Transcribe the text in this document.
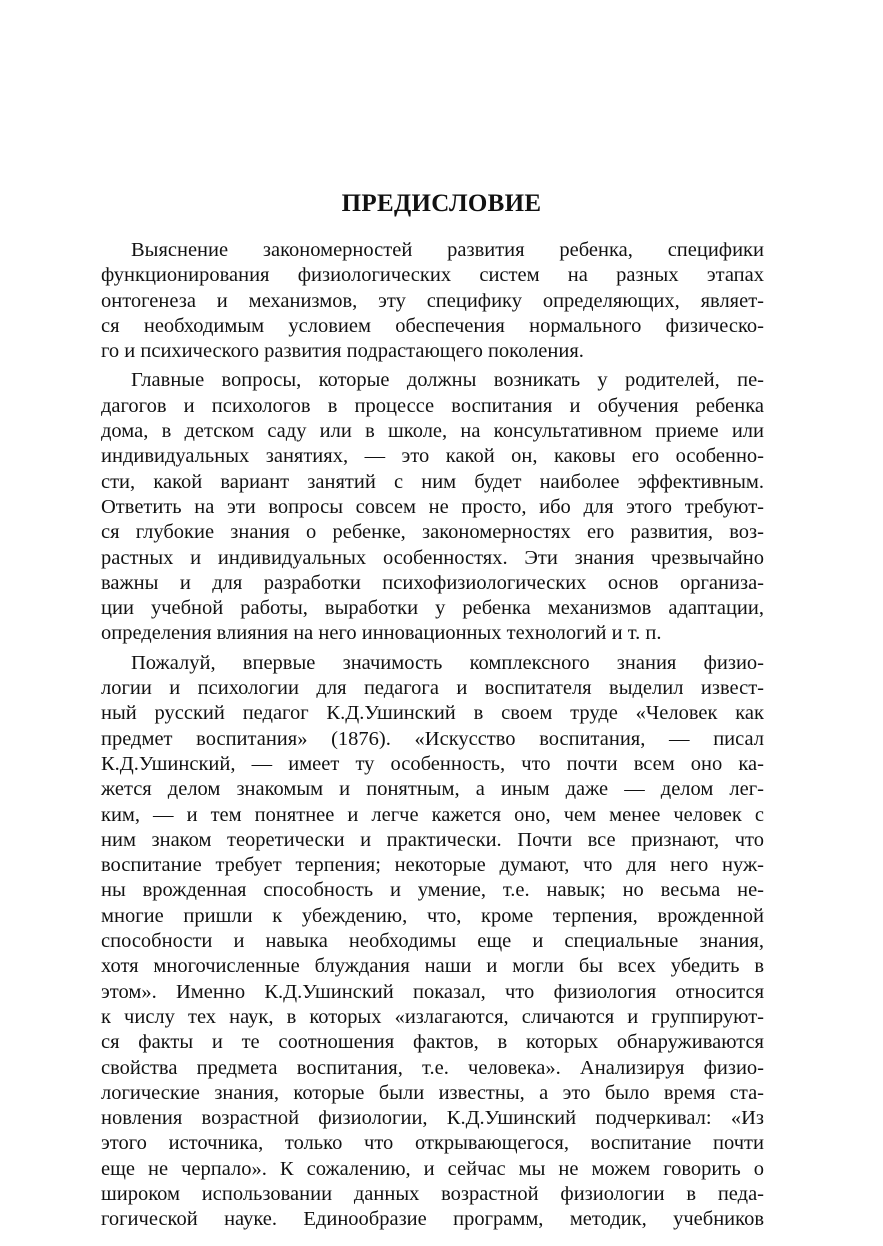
ПРЕДИСЛОВИЕ
Выяснение закономерностей развития ребенка, специфики
функционирования физиологических систем на разных этапах
онтогенеза и механизмов, эту специфику определяющих, являет-
ся необходимым условием обеспечения нормального физическо-
го и психического развития подрастающего поколения.
Главные вопросы, которые должны возникать у родителей, пе-
дагогов и психологов в процессе воспитания и обучения ребенка
дома, в детском саду или в школе, на консультативном приеме или
индивидуальных занятиях, — это какой он, каковы его особенно-
сти, какой вариант занятий с ним будет наиболее эффективным.
Ответить на эти вопросы совсем не просто, ибо для этого требуют-
ся глубокие знания о ребенке, закономерностях его развития, воз-
растных и индивидуальных особенностях. Эти знания чрезвычайно
важны и для разработки психофизиологических основ организа-
ции учебной работы, выработки у ребенка механизмов адаптации,
определения влияния на него инновационных технологий и т. п.
Пожалуй, впервые значимость комплексного знания физио-
логии и психологии для педагога и воспитателя выделил извест-
ный русский педагог К.Д.Ушинский в своем труде «Человек как
предмет воспитания» (1876). «Искусство воспитания, — писал
К.Д.Ушинский, — имеет ту особенность, что почти всем оно ка-
жется делом знакомым и понятным, а иным даже — делом лег-
ким, — и тем понятнее и легче кажется оно, чем менее человек с
ним знаком теоретически и практически. Почти все признают, что
воспитание требует терпения; некоторые думают, что для него нуж-
ны врожденная способность и умение, т.е. навык; но весьма не-
многие пришли к убеждению, что, кроме терпения, врожденной
способности и навыка необходимы еще и специальные знания,
хотя многочисленные блуждания наши и могли бы всех убедить в
этом». Именно К.Д.Ушинский показал, что физиология относится
к числу тех наук, в которых «излагаются, сличаются и группируют-
ся факты и те соотношения фактов, в которых обнаруживаются
свойства предмета воспитания, т.е. человека». Анализируя физио-
логические знания, которые были известны, а это было время ста-
новления возрастной физиологии, К.Д.Ушинский подчеркивал: «Из
этого источника, только что открывающегося, воспитание почти
еще не черпало». К сожалению, и сейчас мы не можем говорить о
широком использовании данных возрастной физиологии в педа-
гогической науке. Единообразие программ, методик, учебников
